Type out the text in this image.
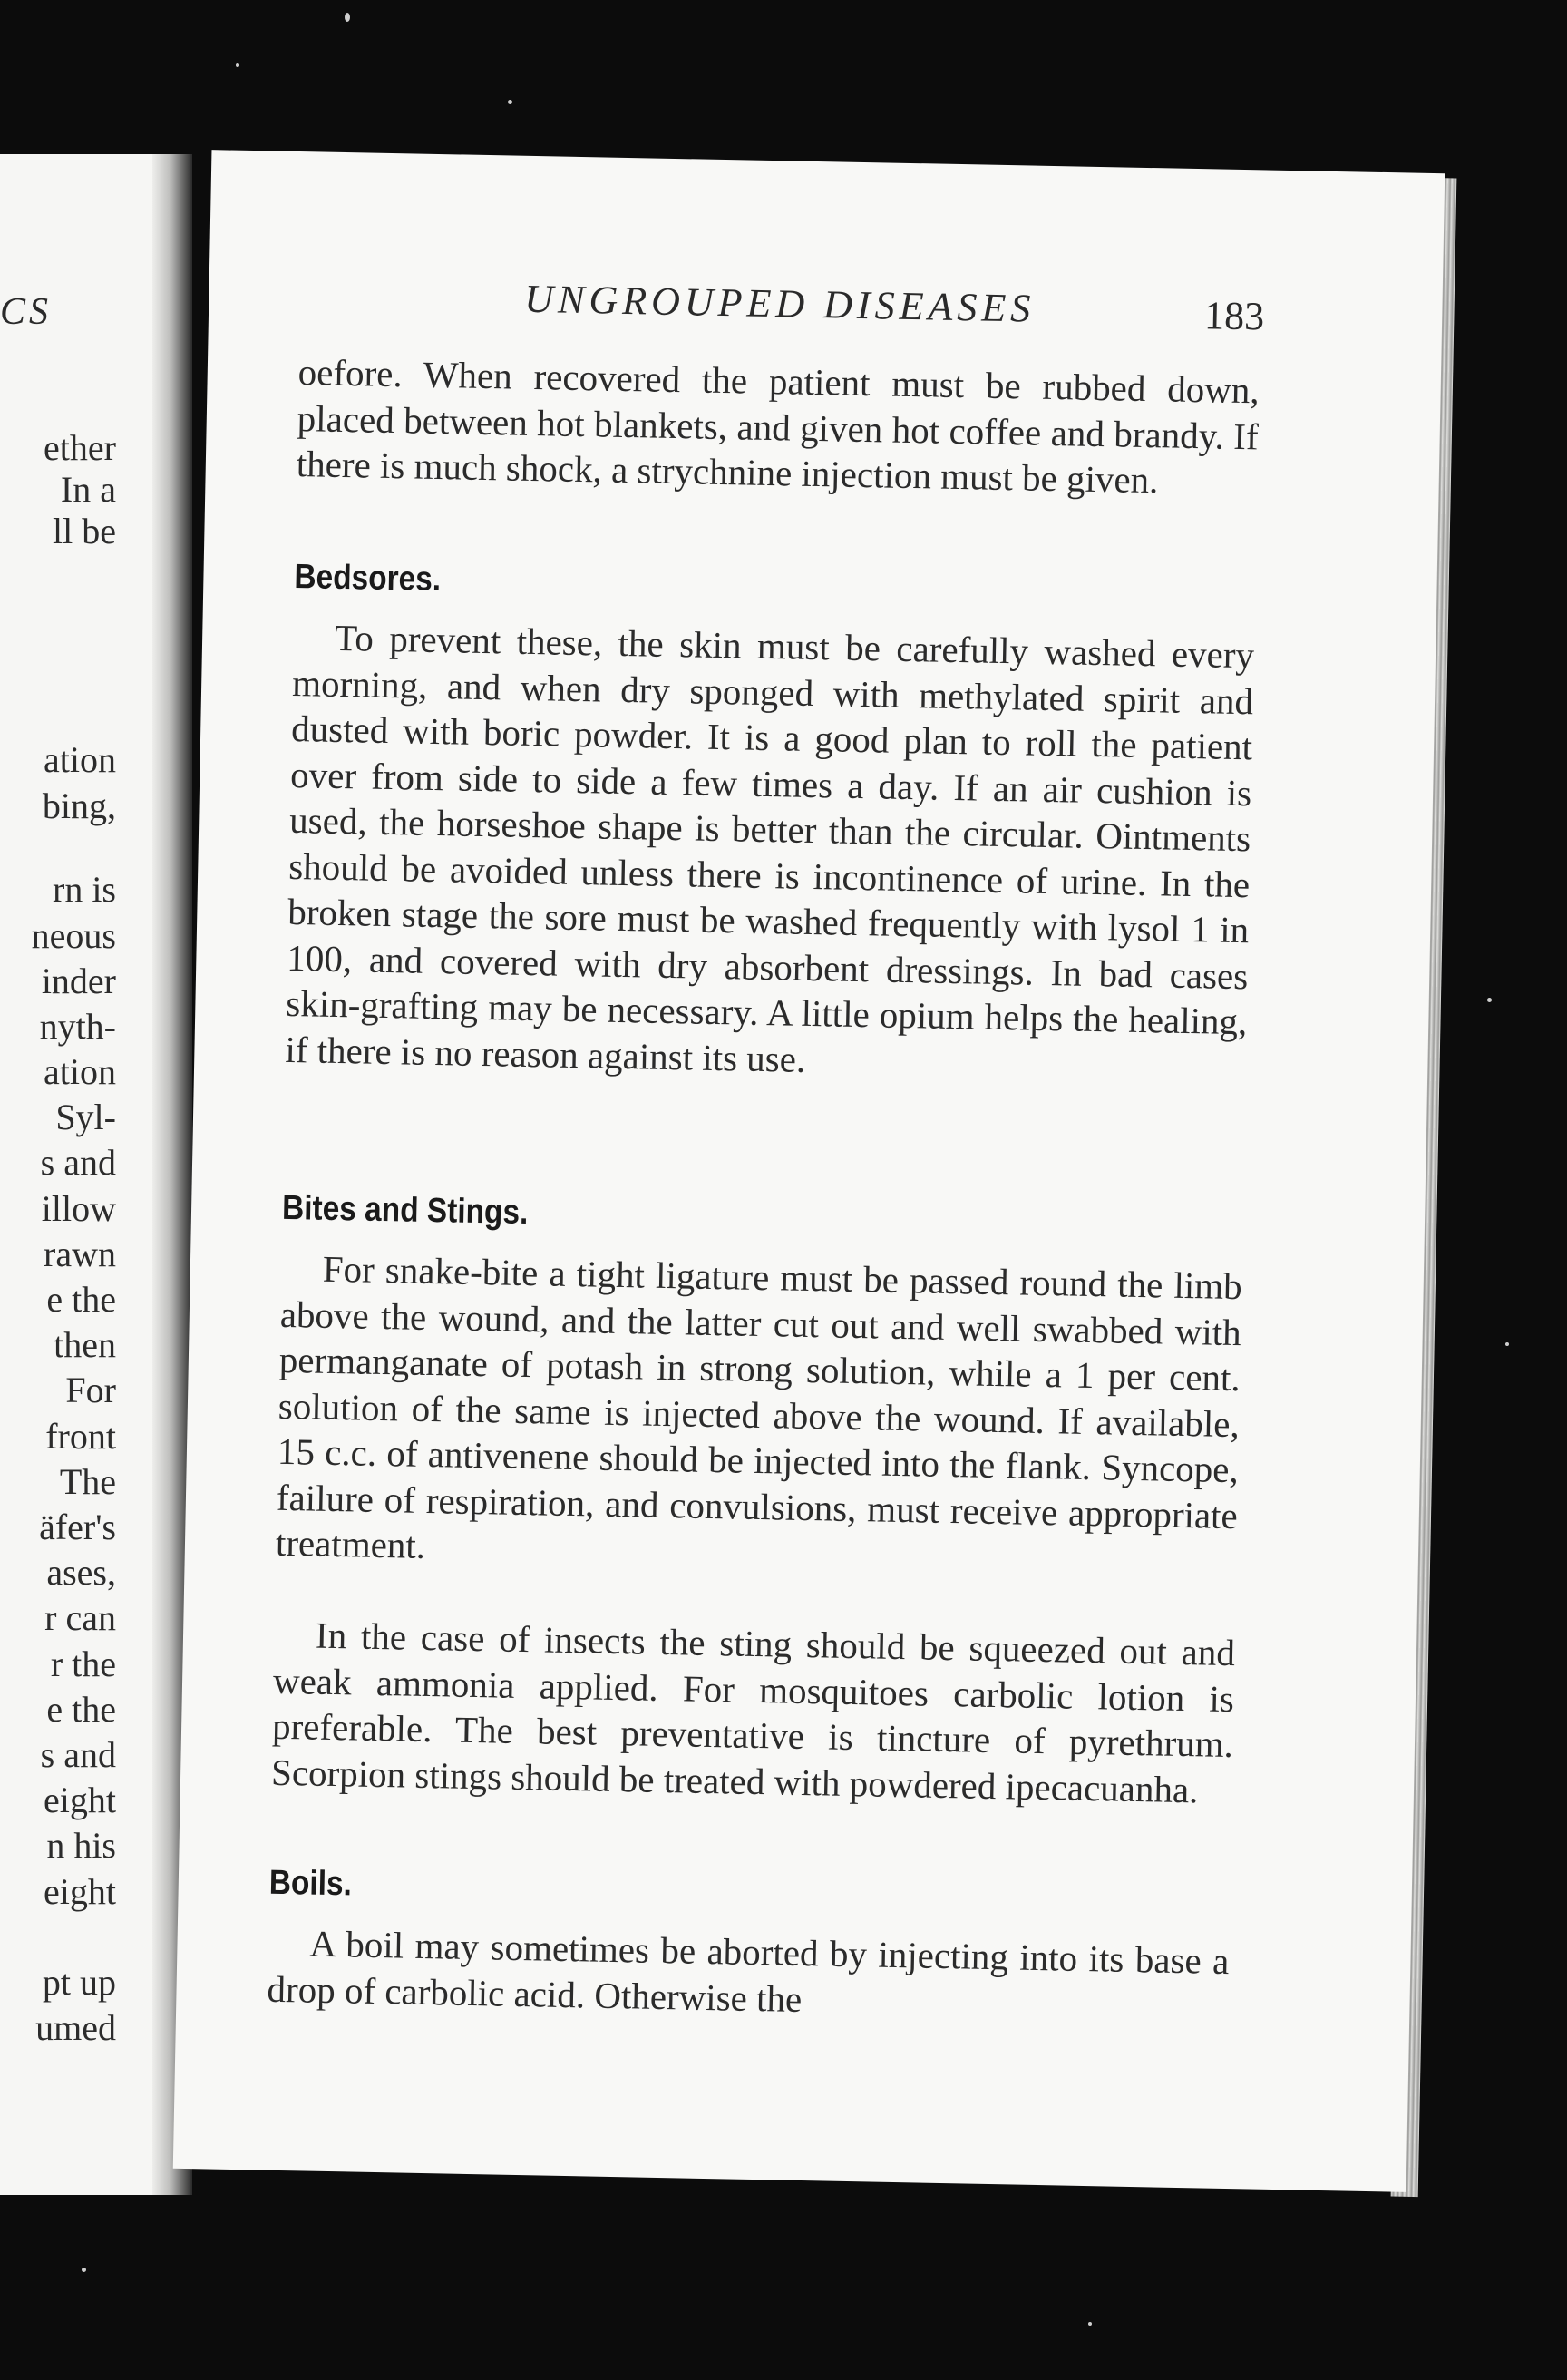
CS
ether
In a
ll be
ation
bing,
rn is
neous
inder
nyth-
ation
Syl-
s and
illow
rawn
e the
then
For
front
The
äfer's
ases,
r can
r the
e the
s and
eight
n his
eight
pt up
umed
UNGROUPED DISEASES	183

oefore. When recovered the patient must be rubbed down, placed between hot blankets, and given hot coffee and brandy. If there is much shock, a strychnine injection must be given.

Bedsores.

To prevent these, the skin must be carefully washed every morning, and when dry sponged with methylated spirit and dusted with boric powder. It is a good plan to roll the patient over from side to side a few times a day. If an air cushion is used, the horseshoe shape is better than the circular. Ointments should be avoided unless there is incontinence of urine. In the broken stage the sore must be washed frequently with lysol 1 in 100, and covered with dry absorbent dressings. In bad cases skin-grafting may be necessary. A little opium helps the healing, if there is no reason against its use.

Bites and Stings.

For snake-bite a tight ligature must be passed round the limb above the wound, and the latter cut out and well swabbed with permanganate of potash in strong solution, while a 1 per cent. solution of the same is injected above the wound. If available, 15 c.c. of antivenene should be injected into the flank. Syncope, failure of respiration, and convulsions, must receive appropriate treatment.

In the case of insects the sting should be squeezed out and weak ammonia applied. For mosquitoes carbolic lotion is preferable. The best preventative is tincture of pyrethrum. Scorpion stings should be treated with powdered ipecacuanha.

Boils.

A boil may sometimes be aborted by injecting into its base a drop of carbolic acid. Otherwise the
